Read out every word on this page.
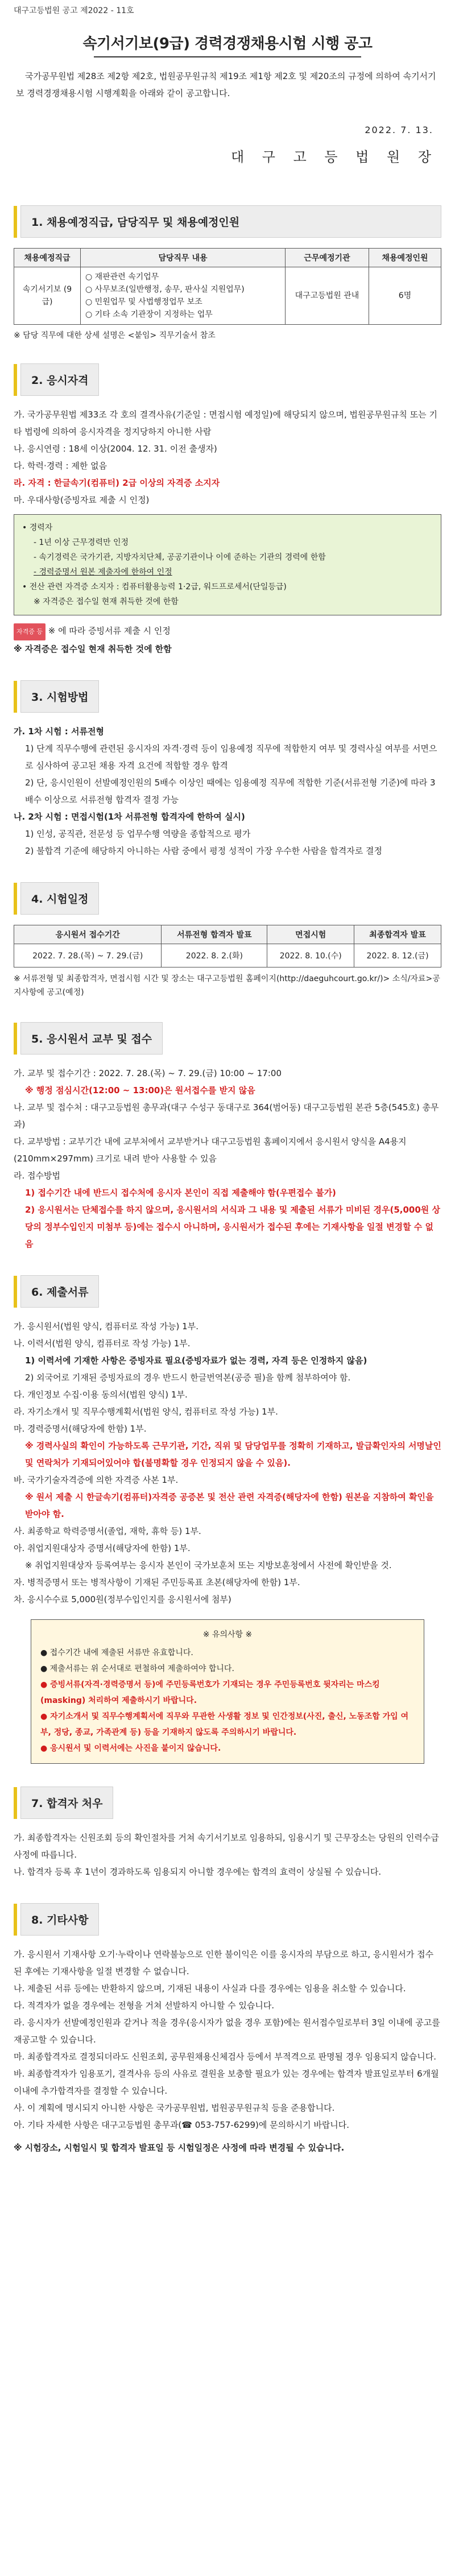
대구고등법원 공고 제2022 - 11호
속기서기보(9급) 경력경쟁채용시험 시행 공고
국가공무원법 제28조 제2항 제2호, 법원공무원규칙 제19조 제1항 제2호 및 제20조의 규정에 의하여 속기서기보 경력경쟁채용시험 시행계획을 아래와 같이 공고합니다.
2022. 7. 13.
대 구 고 등 법 원 장
1. 채용예정직급, 담당직무 및 채용예정인원
채용예정직급	담당직무 내용	근무예정기관	채용예정인원
속기서기보 (9급)	○ 재판관련 속기업무
○ 사무보조(일반행정, 송무, 판사실 지원업무)
○ 민원업무 및 사법행정업무 보조
○ 기타 소속 기관장이 지정하는 업무	대구고등법원 관내	6명
※ 담당 직무에 대한 상세 설명은 <붙임> 직무기술서 참조
2. 응시자격
가. 국가공무원법 제33조 각 호의 결격사유(기준일 : 면접시험 예정일)에 해당되지 않으며, 법원공무원규칙 또는 기타 법령에 의하여 응시자격을 정지당하지 아니한 사람
나. 응시연령 : 18세 이상(2004. 12. 31. 이전 출생자)
다. 학력·경력 : 제한 없음
라. 자격 : 한글속기(컴퓨터) 2급 이상의 자격증 소지자
마. 우대사항(증빙자료 제출 시 인정)
• 경력자
- 1년 이상 근무경력만 인정
- 속기경력은 국가기관, 지방자치단체, 공공기관이나 이에 준하는 기관의 경력에 한함
- 경력증명서 원본 제출자에 한하여 인정
• 전산 관련 자격증 소지자 : 컴퓨터활용능력 1·2급, 워드프로세서(단일등급)
※ 자격증은 접수일 현재 취득한 것에 한함
자격증 등 ※ 에 따라 증빙서류 제출 시 인정
※ 자격증은 접수일 현재 취득한 것에 한함
3. 시험방법
가. 1차 시험 : 서류전형
1) 단계 직무수행에 관련된 응시자의 자격·경력 등이 임용예정 직무에 적합한지 여부 및 경력사실 여부를 서면으로 심사하여 공고된 채용 자격 요건에 적합할 경우 합격
2) 단, 응시인원이 선발예정인원의 5배수 이상인 때에는 임용예정 직무에 적합한 기준(서류전형 기준)에 따라 3배수 이상으로 서류전형 합격자 결정 가능
나. 2차 시험 : 면접시험(1차 서류전형 합격자에 한하여 실시)
1) 인성, 공직관, 전문성 등 업무수행 역량을 종합적으로 평가
2) 불합격 기준에 해당하지 아니하는 사람 중에서 평정 성적이 가장 우수한 사람을 합격자로 결정
4. 시험일정
응시원서 접수기간	서류전형 합격자 발표	면접시험	최종합격자 발표
2022. 7. 28.(목) ~ 7. 29.(금)	2022. 8. 2.(화)	2022. 8. 10.(수)	2022. 8. 12.(금)
※ 서류전형 및 최종합격자, 면접시험 시간 및 장소는 대구고등법원 홈페이지(http://daeguhcourt.go.kr/)> 소식/자료>공지사항에 공고(예정)
5. 응시원서 교부 및 접수
가. 교부 및 접수기간 : 2022. 7. 28.(목) ~ 7. 29.(금) 10:00 ~ 17:00
※ 행정 점심시간(12:00 ~ 13:00)은 원서접수를 받지 않음
나. 교부 및 접수처 : 대구고등법원 총무과(대구 수성구 동대구로 364(범어동) 대구고등법원 본관 5층(545호) 총무과)
다. 교부방법 : 교부기간 내에 교부처에서 교부받거나 대구고등법원 홈페이지에서 응시원서 양식을 A4용지(210mm×297mm) 크기로 내려 받아 사용할 수 있음
라. 접수방법
1) 접수기간 내에 반드시 접수처에 응시자 본인이 직접 제출해야 함(우편접수 불가)
2) 응시원서는 단체접수를 하지 않으며, 응시원서의 서식과 그 내용 및 제출된 서류가 미비된 경우(5,000원 상당의 정부수입인지 미첨부 등)에는 접수시 아니하며, 응시원서가 접수된 후에는 기재사항을 일절 변경할 수 없음
6. 제출서류
가. 응시원서(법원 양식, 컴퓨터로 작성 가능) 1부.
나. 이력서(법원 양식, 컴퓨터로 작성 가능) 1부.
1) 이력서에 기재한 사항은 증빙자료 필요(증빙자료가 없는 경력, 자격 등은 인정하지 않음)
2) 외국어로 기재된 증빙자료의 경우 반드시 한글번역본(공증 필)을 함께 첨부하여야 함.
다. 개인정보 수집·이용 동의서(법원 양식) 1부.
라. 자기소개서 및 직무수행계획서(법원 양식, 컴퓨터로 작성 가능) 1부.
마. 경력증명서(해당자에 한함) 1부.
※ 경력사실의 확인이 가능하도록 근무기관, 기간, 직위 및 담당업무를 정확히 기재하고, 발급확인자의 서명날인 및 연락처가 기재되어있어야 합(불명확할 경우 인정되지 않을 수 있음).
바. 국가기술자격증에 의한 자격증 사본 1부.
※ 원서 제출 시 한글속기(컴퓨터)자격증 공증본 및 전산 관련 자격증(해당자에 한함) 원본을 지참하여 확인을 받아야 함.
사. 최종학교 학력증명서(졸업, 재학, 휴학 등) 1부.
아. 취업지원대상자 증명서(해당자에 한함) 1부.
※ 취업지원대상자 등록여부는 응시자 본인이 국가보훈처 또는 지방보훈청에서 사전에 확인받을 것.
자. 병적증명서 또는 병적사항이 기재된 주민등록표 초본(해당자에 한함) 1부.
차. 응시수수료 5,000원(정부수입인지를 응시원서에 첨부)
※ 유의사항 ※
● 접수기간 내에 제출된 서류만 유효합니다.
● 제출서류는 위 순서대로 편철하여 제출하여야 합니다.
● 증빙서류(자격·경력증명서 등)에 주민등록번호가 기재되는 경우 주민등록번호 뒷자리는 마스킹(masking) 처리하여 제출하시기 바랍니다.
● 자기소개서 및 직무수행계획서에 직무와 무관한 사생활 정보 및 인간정보(사진, 출신, 노동조합 가입 여부, 정당, 종교, 가족관계 등) 등을 기재하지 않도록 주의하시기 바랍니다.
● 응시원서 및 이력서에는 사진을 붙이지 않습니다.
7. 합격자 처우
가. 최종합격자는 신원조회 등의 확인절차를 거쳐 속기서기보로 임용하되, 임용시기 및 근무장소는 당원의 인력수급사정에 따릅니다.
나. 합격자 등록 후 1년이 경과하도록 임용되지 아니할 경우에는 합격의 효력이 상실될 수 있습니다.
8. 기타사항
가. 응시원서 기재사항 오기·누락이나 연락불능으로 인한 불이익은 이를 응시자의 부담으로 하고, 응시원서가 접수된 후에는 기재사항을 일절 변경할 수 없습니다.
나. 제출된 서류 등에는 반환하지 않으며, 기재된 내용이 사실과 다를 경우에는 임용을 취소할 수 있습니다.
다. 적격자가 없을 경우에는 전형을 거쳐 선발하지 아니할 수 있습니다.
라. 응시자가 선발예정인원과 같거나 적을 경우(응시자가 없을 경우 포함)에는 원서접수일로부터 3일 이내에 공고를 재공고할 수 있습니다.
마. 최종합격자로 결정되더라도 신원조회, 공무원채용신체검사 등에서 부적격으로 판명될 경우 임용되지 않습니다.
바. 최종합격자가 임용포기, 결격사유 등의 사유로 결원을 보충할 필요가 있는 경우에는 합격자 발표일로부터 6개월 이내에 추가합격자를 결정할 수 있습니다.
사. 이 계획에 명시되지 아니한 사항은 국가공무원법, 법원공무원규칙 등을 준용합니다.
아. 기타 자세한 사항은 대구고등법원 총무과(☎ 053-757-6299)에 문의하시기 바랍니다.
※ 시험장소, 시험일시 및 합격자 발표일 등 시험일정은 사정에 따라 변경될 수 있습니다.
